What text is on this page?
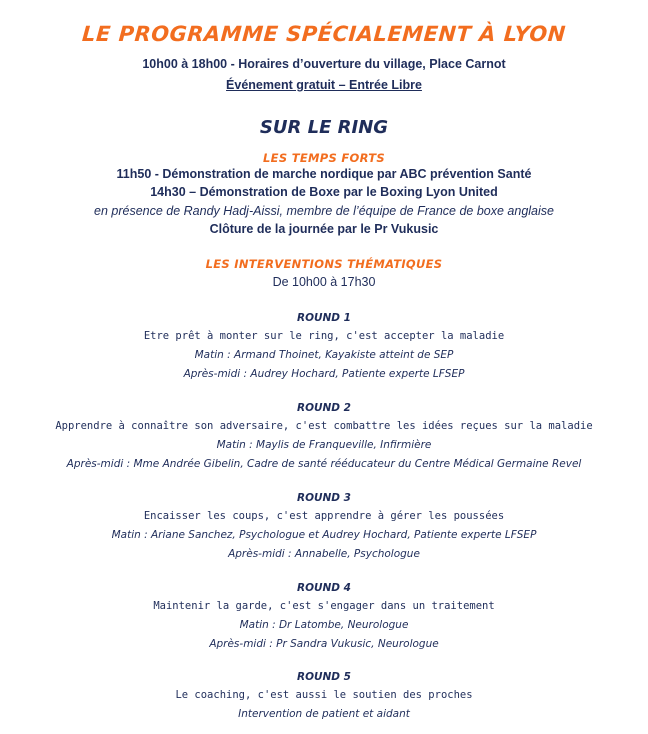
LE PROGRAMME SPÉCIALEMENT À LYON
10h00 à 18h00 - Horaires d’ouverture du village, Place Carnot
Événement gratuit – Entrée Libre
SUR LE RING
LES TEMPS FORTS
11h50 - Démonstration de marche nordique par ABC prévention Santé
14h30 – Démonstration de Boxe par le Boxing Lyon United
en présence de Randy Hadj-Aissi, membre de l’équipe de France de boxe anglaise
Clôture de la journée par le Pr Vukusic
LES INTERVENTIONS THÉMATIQUES
De 10h00 à 17h30
ROUND 1
Etre prêt à monter sur le ring, c'est accepter la maladie
Matin : Armand Thoinet, Kayakiste atteint de SEP
Après-midi : Audrey Hochard, Patiente experte LFSEP
ROUND 2
Apprendre à connaître son adversaire, c'est combattre les idées reçues sur la maladie
Matin : Maylis de Franqueville, Infirmière
Après-midi : Mme Andrée Gibelin, Cadre de santé rééducateur du Centre Médical Germaine Revel
ROUND 3
Encaisser les coups, c'est apprendre à gérer les poussées
Matin : Ariane Sanchez, Psychologue et Audrey Hochard, Patiente experte LFSEP
Après-midi : Annabelle, Psychologue
ROUND 4
Maintenir la garde, c'est s'engager dans un traitement
Matin : Dr Latombe, Neurologue
Après-midi : Pr Sandra Vukusic, Neurologue
ROUND 5
Le coaching, c'est aussi le soutien des proches
Intervention de patient et aidant
